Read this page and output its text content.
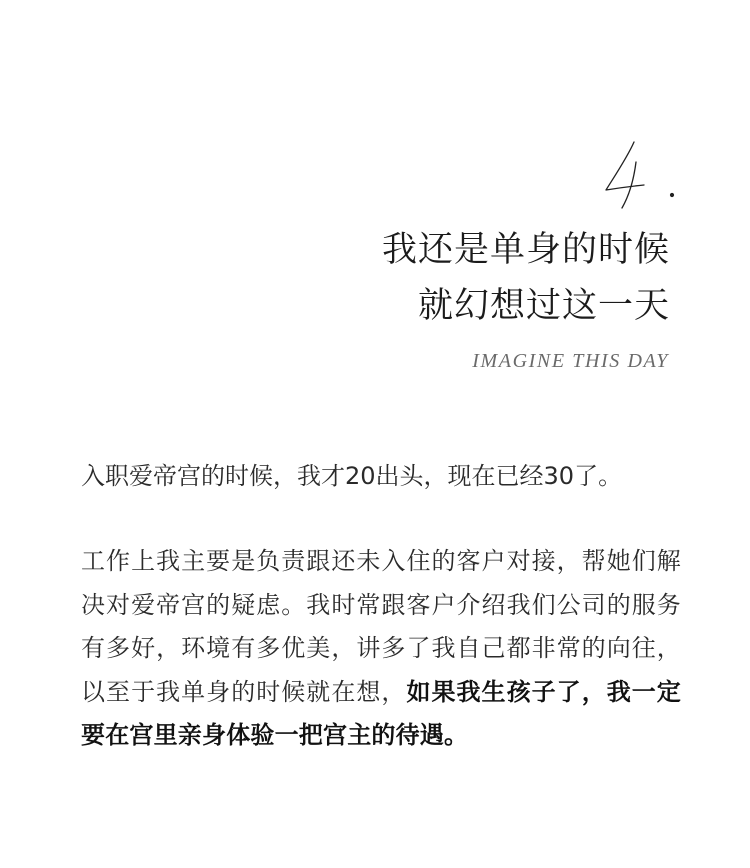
我还是单身的时候
就幻想过这一天
IMAGINE THIS DAY

入职爱帝宫的时候，我才20出头，现在已经30了。

工作上我主要是负责跟还未入住的客户对接，帮她们解决对爱帝宫的疑虑。我时常跟客户介绍我们公司的服务有多好，环境有多优美，讲多了我自己都非常的向往，以至于我单身的时候就在想，如果我生孩子了，我一定要在宫里亲身体验一把宫主的待遇。
